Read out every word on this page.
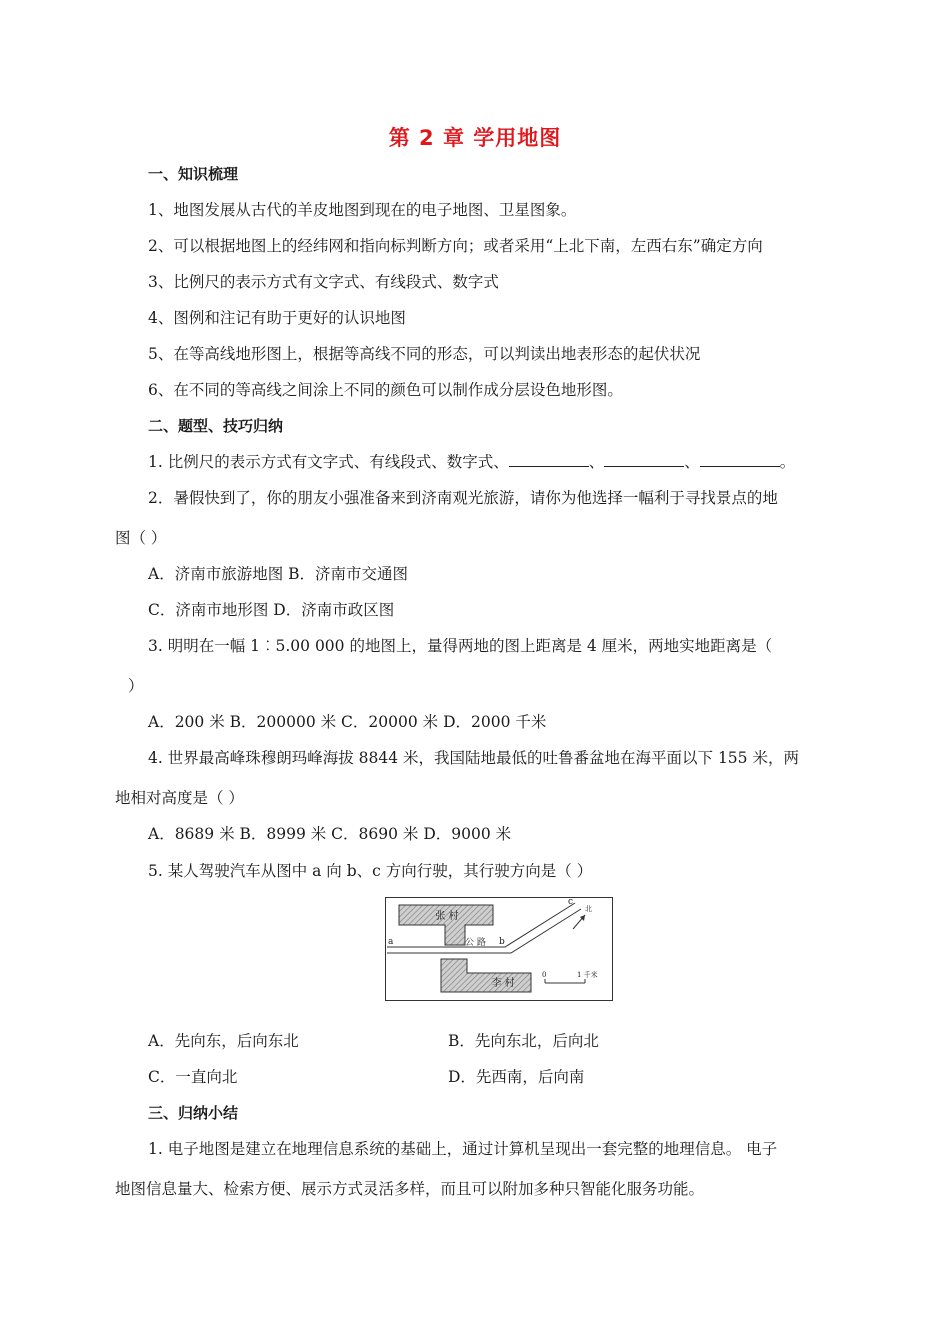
第 2 章 学用地图
一、知识梳理
1、地图发展从古代的羊皮地图到现在的电子地图、卫星图象。
2、可以根据地图上的经纬网和指向标判断方向；或者采用“上北下南，左西右东”确定方向
3、比例尺的表示方式有文字式、有线段式、数字式
4、图例和注记有助于更好的认识地图
5、在等高线地形图上，根据等高线不同的形态，可以判读出地表形态的起伏状况
6、在不同的等高线之间涂上不同的颜色可以制作成分层设色地形图。
二、题型、技巧归纳
1. 比例尺的表示方式有文字式、有线段式、数字式、	、	、	。
2．暑假快到了，你的朋友小强准备来到济南观光旅游，请你为他选择一幅利于寻找景点的地
图（ ）
A．济南市旅游地图 B．济南市交通图
C．济南市地形图 D．济南市政区图
3. 明明在一幅 1︰5.00 000 的地图上，量得两地的图上距离是 4 厘米，两地实地距离是（
）
A．200 米 B．200000 米 C．20000 米 D．2000 千米
4. 世界最高峰珠穆朗玛峰海拔 8844 米，我国陆地最低的吐鲁番盆地在海平面以下 155 米，两
地相对高度是（ ）
A．8689 米 B．8999 米 C．8690 米 D．9000 米
5. 某人驾驶汽车从图中 a 向 b、c 方向行驶，其行驶方向是（ ）
张 村
李 村
公 路
a	b
c
北
0	1 千米
A．先向东，后向东北	B．先向东北，后向北
C．一直向北	D．先西南，后向南
三、归纳小结
1. 电子地图是建立在地理信息系统的基础上，通过计算机呈现出一套完整的地理信息。 电子
地图信息量大、检索方便、展示方式灵活多样，而且可以附加多种只智能化服务功能。
